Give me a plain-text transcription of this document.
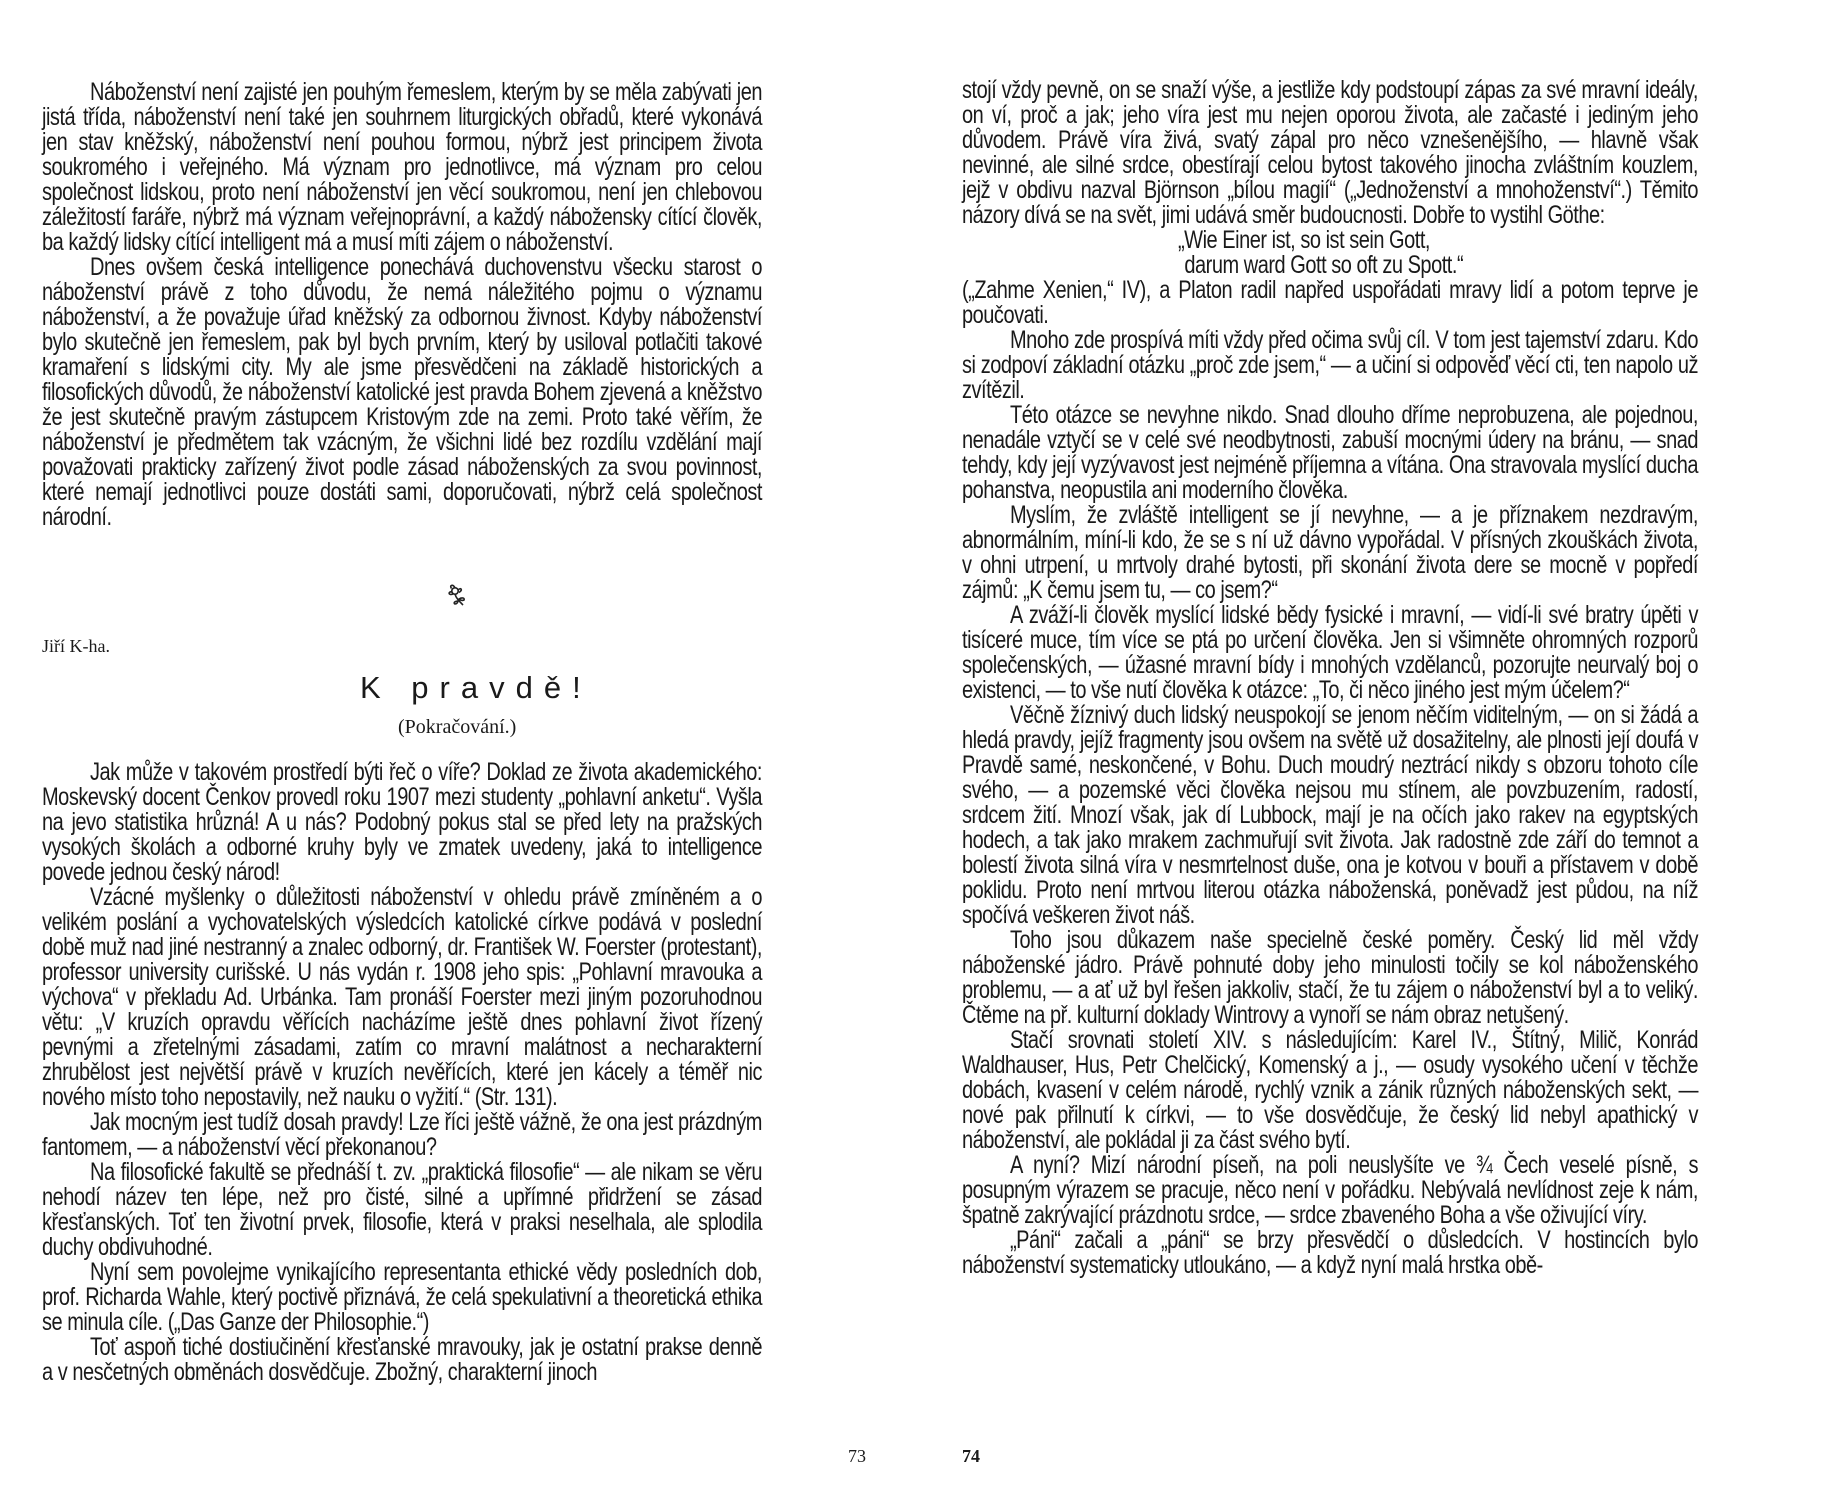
Náboženství není zajisté jen pouhým řemeslem, kterým by se měla zabývati jen jistá třída, náboženství není také jen souhrnem liturgických obřadů, které vykonává jen stav kněžský, náboženství není pouhou formou, nýbrž jest principem života soukromého i veřejného. Má význam pro jednotlivce, má význam pro celou společnost lidskou, proto není náboženství jen věcí soukromou, není jen chlebovou záležitostí faráře, nýbrž má význam veřejnoprávní, a každý nábožensky cítící člověk, ba každý lidsky cítící intelligent má a musí míti zájem o náboženství.

Dnes ovšem česká intelligence ponechává duchovenstvu všecku starost o náboženství právě z toho důvodu, že nemá náležitého pojmu o významu náboženství, a že považuje úřad kněžský za odbornou živnost. Kdyby náboženství bylo skutečně jen řemeslem, pak byl bych prvním, který by usiloval potlačiti takové kramaření s lidskými city. My ale jsme přesvědčeni na základě historických a filosofických důvodů, že náboženství katolické jest pravda Bohem zjevená a kněžstvo že jest skutečně pravým zástupcem Kristovým zde na zemi. Proto také věřím, že náboženství je předmětem tak vzácným, že všichni lidé bez rozdílu vzdělání mají považovati prakticky zařízený život podle zásad náboženských za svou povinnost, které nemají jednotlivci pouze dostáti sami, doporučovati, nýbrž celá společnost národní.

Jiří K-ha.
K pravdě!
(Pokračování.)

Jak může v takovém prostředí býti řeč o víře? Doklad ze života akademického: Moskevský docent Čenkov provedl roku 1907 mezi studenty „pohlavní anketu“. Vyšla na jevo statistika hrůzná! A u nás? Podobný pokus stal se před lety na pražských vysokých školách a odborné kruhy byly ve zmatek uvedeny, jaká to intelligence povede jednou český národ!

Vzácné myšlenky o důležitosti náboženství v ohledu právě zmíněném a o velikém poslání a vychovatelských výsledcích katolické církve podává v poslední době muž nad jiné nestranný a znalec odborný, dr. František W. Foerster (protestant), professor university curišské. U nás vydán r. 1908 jeho spis: „Pohlavní mravouka a výchova“ v překladu Ad. Urbánka. Tam pronáší Foerster mezi jiným pozoruhodnou větu: „V kruzích opravdu věřících nacházíme ještě dnes pohlavní život řízený pevnými a zřetelnými zásadami, zatím co mravní malátnost a necharakterní zhrubělost jest největší právě v kruzích nevěřících, které jen kácely a téměř nic nového místo toho nepostavily, než nauku o vyžití.“ (Str. 131).

Jak mocným jest tudíž dosah pravdy! Lze říci ještě vážně, že ona jest prázdným fantomem, — a náboženství věcí překonanou?

Na filosofické fakultě se přednáší t. zv. „praktická filosofie“ — ale nikam se věru nehodí název ten lépe, než pro čisté, silné a upřímné přidržení se zásad křesťanských. Toť ten životní prvek, filosofie, která v praksi neselhala, ale splodila duchy obdivuhodné.

Nyní sem povolejme vynikajícího representanta ethické vědy posledních dob, prof. Richarda Wahle, který poctivě přiznává, že celá spekulativní a theoretická ethika se minula cíle. („Das Ganze der Philosophie.“)

Toť aspoň tiché dostiučinění křesťanské mravouky, jak je ostatní prakse denně a v nesčetných obměnách dosvědčuje. Zbožný, charakterní jinoch

73

stojí vždy pevně, on se snaží výše, a jestliže kdy podstoupí zápas za své mravní ideály, on ví, proč a jak; jeho víra jest mu nejen oporou života, ale začasté i jediným jeho důvodem. Právě víra živá, svatý zápal pro něco vznešenějšího, — hlavně však nevinné, ale silné srdce, obestírají celou bytost takového jinocha zvláštním kouzlem, jejž v obdivu nazval Björnson „bílou magií“ („Jednoženství a mnohoženství“.) Těmito názory dívá se na svět, jimi udává směr budoucnosti. Dobře to vystihl Göthe:

„Wie Einer ist, so ist sein Gott,

darum ward Gott so oft zu Spott.“

(„Zahme Xenien,“ IV), a Platon radil napřed uspořádati mravy lidí a potom teprve je poučovati.

Mnoho zde prospívá míti vždy před očima svůj cíl. V tom jest tajemství zdaru. Kdo si zodpoví základní otázku „proč zde jsem,“ — a učiní si odpověď věcí cti, ten napolo už zvítězil.

Této otázce se nevyhne nikdo. Snad dlouho dříme neprobuzena, ale pojednou, nenadále vztyčí se v celé své neodbytnosti, zabuší mocnými údery na bránu, — snad tehdy, kdy její vyzývavost jest nejméně příjemna a vítána. Ona stravovala myslící ducha pohanstva, neopustila ani moderního člověka.

Myslím, že zvláště intelligent se jí nevyhne, — a je příznakem nezdravým, abnormálním, míní-li kdo, že se s ní už dávno vypořádal. V přísných zkouškách života, v ohni utrpení, u mrtvoly drahé bytosti, při skonání života dere se mocně v popředí zájmů: „K čemu jsem tu, — co jsem?“

A zváží-li člověk myslící lidské bědy fysické i mravní, — vidí-li své bratry úpěti v tisíceré muce, tím více se ptá po určení člověka. Jen si všimněte ohromných rozporů společenských, — úžasné mravní bídy i mnohých vzdělanců, pozorujte neurvalý boj o existenci, — to vše nutí člověka k otázce: „To, či něco jiného jest mým účelem?“

Věčně žíznivý duch lidský neuspokojí se jenom něčím viditelným, — on si žádá a hledá pravdy, jejíž fragmenty jsou ovšem na světě už dosažitelny, ale plnosti její doufá v Pravdě samé, neskončené, v Bohu. Duch moudrý neztrácí nikdy s obzoru tohoto cíle svého, — a pozemské věci člověka nejsou mu stínem, ale povzbuzením, radostí, srdcem žití. Mnozí však, jak dí Lubbock, mají je na očích jako rakev na egyptských hodech, a tak jako mrakem zachmuřují svit života. Jak radostně zde září do temnot a bolestí života silná víra v nesmrtelnost duše, ona je kotvou v bouři a přístavem v době poklidu. Proto není mrtvou literou otázka náboženská, poněvadž jest půdou, na níž spočívá veškeren život náš.

Toho jsou důkazem naše specielně české poměry. Český lid měl vždy náboženské jádro. Právě pohnuté doby jeho minulosti točily se kol náboženského problemu, — a ať už byl řešen jakkoliv, stačí, že tu zájem o náboženství byl a to veliký. Čtěme na př. kulturní doklady Wintrovy a vynoří se nám obraz netušený.

Stačí srovnati století XIV. s následujícím: Karel IV., Štítný, Milič, Konrád Waldhauser, Hus, Petr Chelčický, Komenský a j., — osudy vysokého učení v těchže dobách, kvasení v celém národě, rychlý vznik a zánik různých náboženských sekt, — nové pak přilnutí k církvi, — to vše dosvědčuje, že český lid nebyl apathický v náboženství, ale pokládal ji za část svého bytí.

A nyní? Mizí národní píseň, na poli neuslyšíte ve ¾ Čech veselé písně, s posupným výrazem se pracuje, něco není v pořádku. Nebývalá nevlídnost zeje k nám, špatně zakrývající prázdnotu srdce, — srdce zbaveného Boha a vše oživující víry.

„Páni“ začali a „páni“ se brzy přesvědčí o důsledcích. V hostincích bylo náboženství systematicky utloukáno, — a když nyní malá hrstka obě-

74
